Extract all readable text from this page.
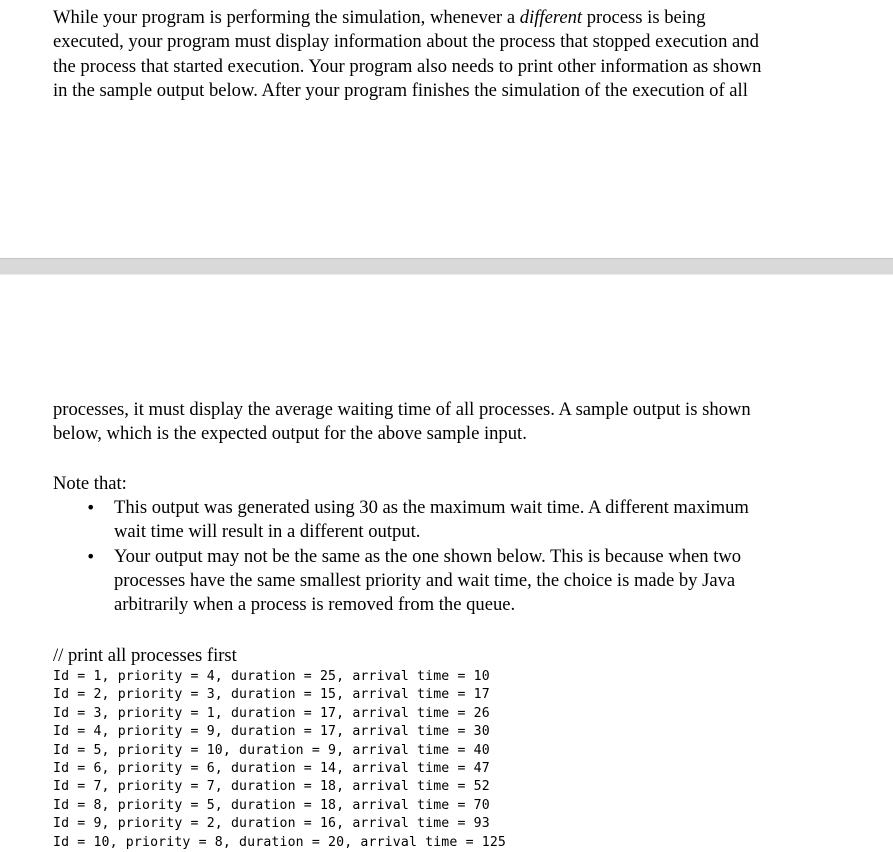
While your program is performing the simulation, whenever a different process is being
executed, your program must display information about the process that stopped execution and
the process that started execution. Your program also needs to print other information as shown
in the sample output below. After your program finishes the simulation of the execution of all

processes, it must display the average waiting time of all processes. A sample output is shown
below, which is the expected output for the above sample input.

Note that:

• This output was generated using 30 as the maximum wait time. A different maximum
wait time will result in a different output.
• Your output may not be the same as the one shown below. This is because when two
processes have the same smallest priority and wait time, the choice is made by Java
arbitrarily when a process is removed from the queue.
// print all processes first
Id = 1, priority = 4, duration = 25, arrival time = 10
Id = 2, priority = 3, duration = 15, arrival time = 17
Id = 3, priority = 1, duration = 17, arrival time = 26
Id = 4, priority = 9, duration = 17, arrival time = 30
Id = 5, priority = 10, duration = 9, arrival time = 40
Id = 6, priority = 6, duration = 14, arrival time = 47
Id = 7, priority = 7, duration = 18, arrival time = 52
Id = 8, priority = 5, duration = 18, arrival time = 70
Id = 9, priority = 2, duration = 16, arrival time = 93
Id = 10, priority = 8, duration = 20, arrival time = 125
